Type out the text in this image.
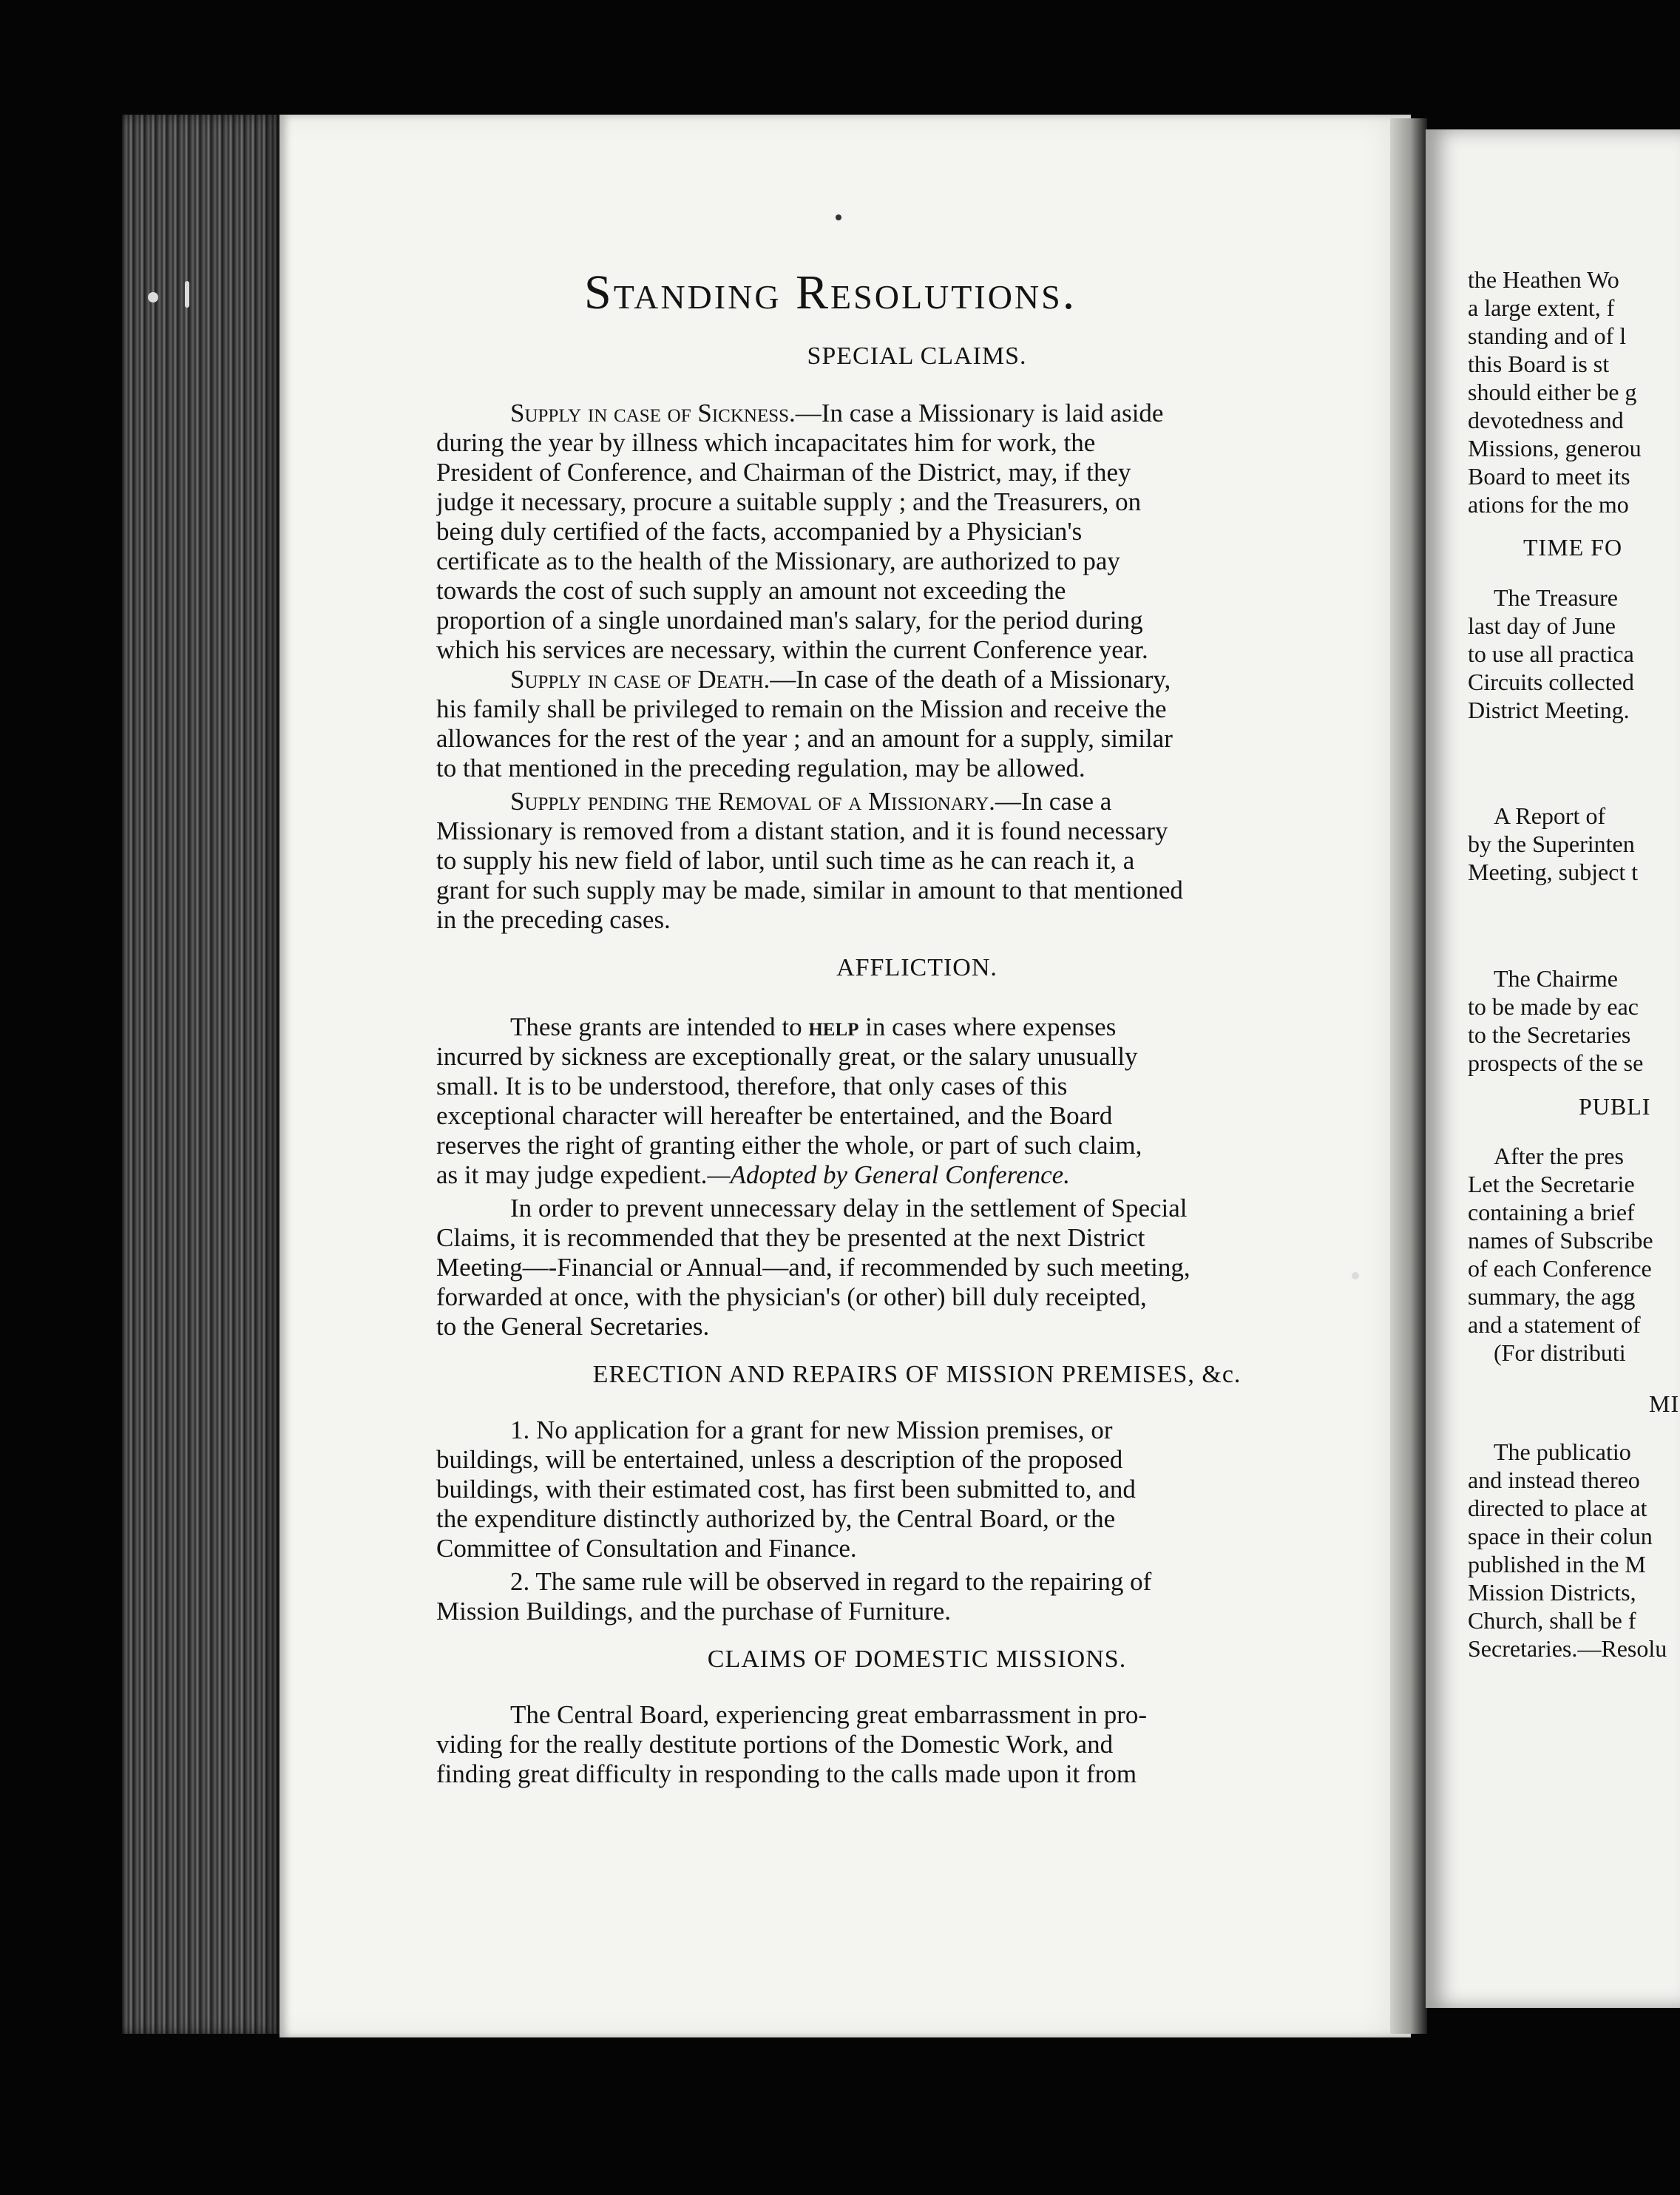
Standing Resolutions.
SPECIAL CLAIMS.
Supply in case of Sickness.—In case a Missionary is laid aside
during the year by illness which incapacitates him for work, the
President of Conference, and Chairman of the District, may, if they
judge it necessary, procure a suitable supply ; and the Treasurers, on
being duly certified of the facts, accompanied by a Physician's
certificate as to the health of the Missionary, are authorized to pay
towards the cost of such supply an amount not exceeding the
proportion of a single unordained man's salary, for the period during
which his services are necessary, within the current Conference year.
Supply in case of Death.—In case of the death of a Missionary,
his family shall be privileged to remain on the Mission and receive the
allowances for the rest of the year ; and an amount for a supply, similar
to that mentioned in the preceding regulation, may be allowed.
Supply pending the Removal of a Missionary.—In case a
Missionary is removed from a distant station, and it is found necessary
to supply his new field of labor, until such time as he can reach it, a
grant for such supply may be made, similar in amount to that mentioned
in the preceding cases.
AFFLICTION.
These grants are intended to help in cases where expenses
incurred by sickness are exceptionally great, or the salary unusually
small. It is to be understood, therefore, that only cases of this
exceptional character will hereafter be entertained, and the Board
reserves the right of granting either the whole, or part of such claim,
as it may judge expedient.—Adopted by General Conference.
In order to prevent unnecessary delay in the settlement of Special
Claims, it is recommended that they be presented at the next District
Meeting—-Financial or Annual—and, if recommended by such meeting,
forwarded at once, with the physician's (or other) bill duly receipted,
to the General Secretaries.
ERECTION AND REPAIRS OF MISSION PREMISES, &c.
1. No application for a grant for new Mission premises, or
buildings, will be entertained, unless a description of the proposed
buildings, with their estimated cost, has first been submitted to, and
the expenditure distinctly authorized by, the Central Board, or the
Committee of Consultation and Finance.
2. The same rule will be observed in regard to the repairing of
Mission Buildings, and the purchase of Furniture.
CLAIMS OF DOMESTIC MISSIONS.
The Central Board, experiencing great embarrassment in pro-
viding for the really destitute portions of the Domestic Work, and
finding great difficulty in responding to the calls made upon it from
the Heathen Wo
a large extent, f
standing and of l
this Board is st
should either be g
devotedness and
Missions, generou
Board to meet its
ations for the mo
TIME FO
The Treasure
last day of June
to use all practica
Circuits collected
District Meeting.
A Report of
by the Superinten
Meeting, subject t
The Chairme
to be made by eac
to the Secretaries
prospects of the se
PUBLI
After the pres
Let the Secretarie
containing a brief
names of Subscribe
of each Conference
summary, the agg
and a statement of
(For distributi
MI
The publicatio
and instead thereo
directed to place at
space in their colun
published in the M
Mission Districts,
Church, shall be f
Secretaries.—Resolu
